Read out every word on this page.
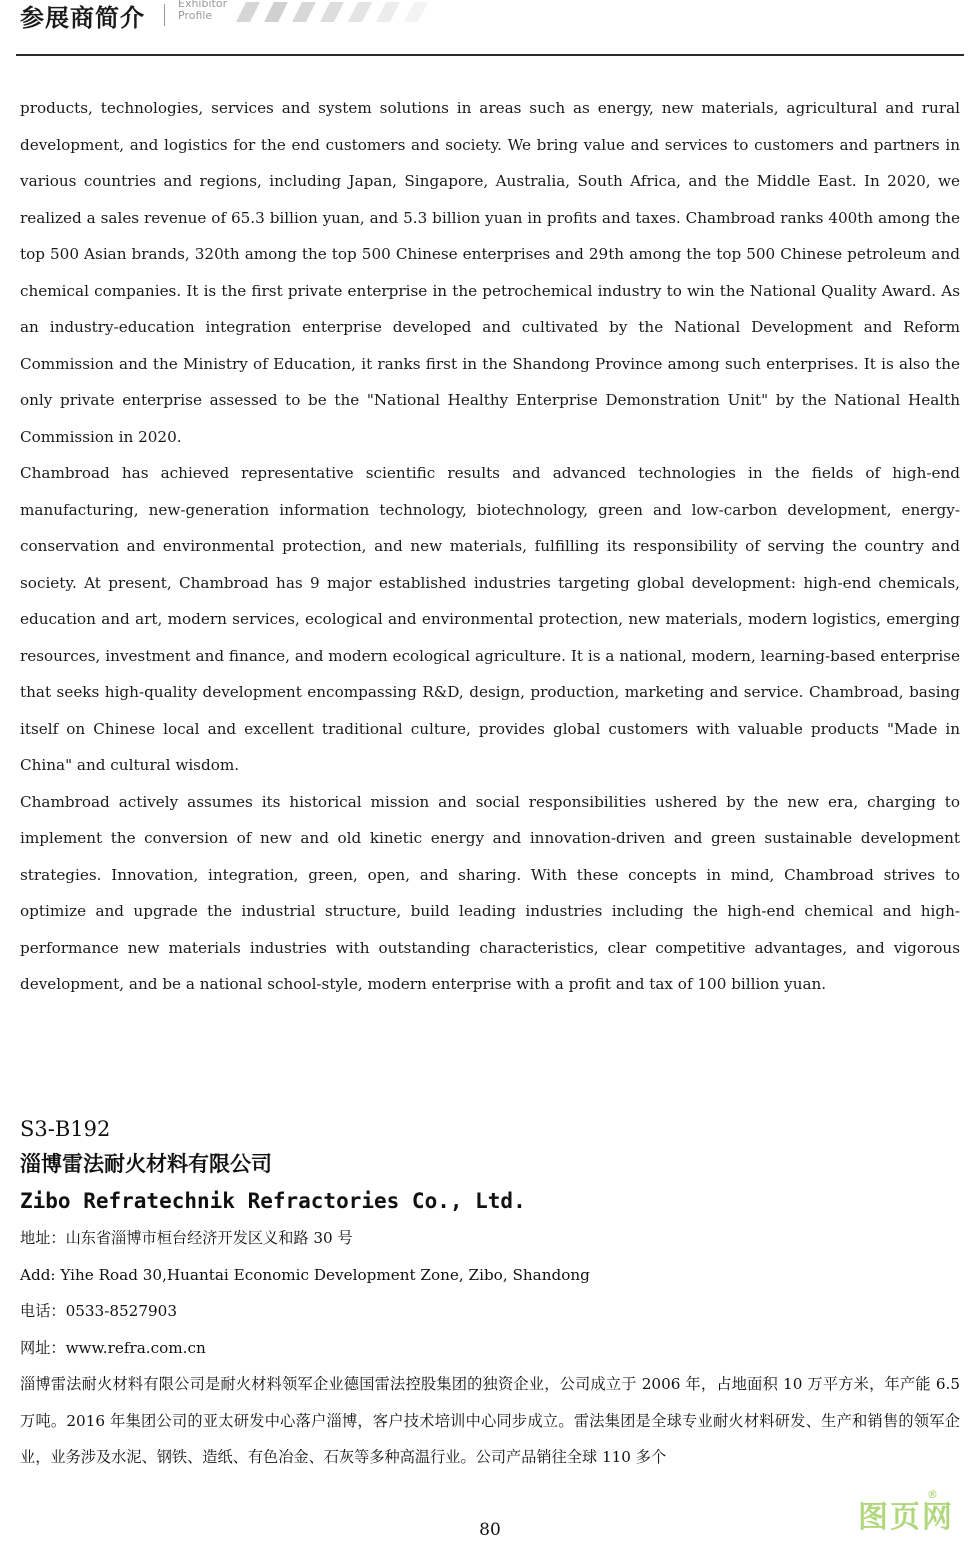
参展商简介
Exhibitor
Profile

products, technologies, services and system solutions in areas such as energy, new materials, agricultural and rural development, and logistics for the end customers and society. We bring value and services to customers and partners in various countries and regions, including Japan, Singapore, Australia, South Africa, and the Middle East. In 2020, we realized a sales revenue of 65.3 billion yuan, and 5.3 billion yuan in profits and taxes. Chambroad ranks 400th among the top 500 Asian brands, 320th among the top 500 Chinese enterprises and 29th among the top 500 Chinese petroleum and chemical companies. It is the first private enterprise in the petrochemical industry to win the National Quality Award. As an industry-education integration enterprise developed and cultivated by the National Development and Reform Commission and the Ministry of Education, it ranks first in the Shandong Province among such enterprises. It is also the only private enterprise assessed to be the "National Healthy Enterprise Demonstration Unit" by the National Health Commission in 2020.

Chambroad has achieved representative scientific results and advanced technologies in the fields of high-end manufacturing, new-generation information technology, biotechnology, green and low-carbon development, energy-conservation and environmental protection, and new materials, fulfilling its responsibility of serving the country and society. At present, Chambroad has 9 major established industries targeting global development: high-end chemicals, education and art, modern services, ecological and environmental protection, new materials, modern logistics, emerging resources, investment and finance, and modern ecological agriculture. It is a national, modern, learning-based enterprise that seeks high-quality development encompassing R&D, design, production, marketing and service. Chambroad, basing itself on Chinese local and excellent traditional culture, provides global customers with valuable products "Made in China" and cultural wisdom.

Chambroad actively assumes its historical mission and social responsibilities ushered by the new era, charging to implement the conversion of new and old kinetic energy and innovation-driven and green sustainable development strategies. Innovation, integration, green, open, and sharing. With these concepts in mind, Chambroad strives to optimize and upgrade the industrial structure, build leading industries including the high-end chemical and high-performance new materials industries with outstanding characteristics, clear competitive advantages, and vigorous development, and be a national school-style, modern enterprise with a profit and tax of 100 billion yuan.

S3-B192
淄博雷法耐火材料有限公司
Zibo Refratechnik Refractories Co., Ltd.
地址：山东省淄博市桓台经济开发区义和路 30 号
Add: Yihe Road 30,Huantai Economic Development Zone, Zibo, Shandong
电话：0533-8527903
网址：www.refra.com.cn

淄博雷法耐火材料有限公司是耐火材料领军企业德国雷法控股集团的独资企业，公司成立于 2006 年，占地面积 10 万平方米，年产能 6.5 万吨。2016 年集团公司的亚太研发中心落户淄博，客户技术培训中心同步成立。雷法集团是全球专业耐火材料研发、生产和销售的领军企业，业务涉及水泥、钢铁、造纸、有色冶金、石灰等多种高温行业。公司产品销往全球 110 多个

80	图页网
®
